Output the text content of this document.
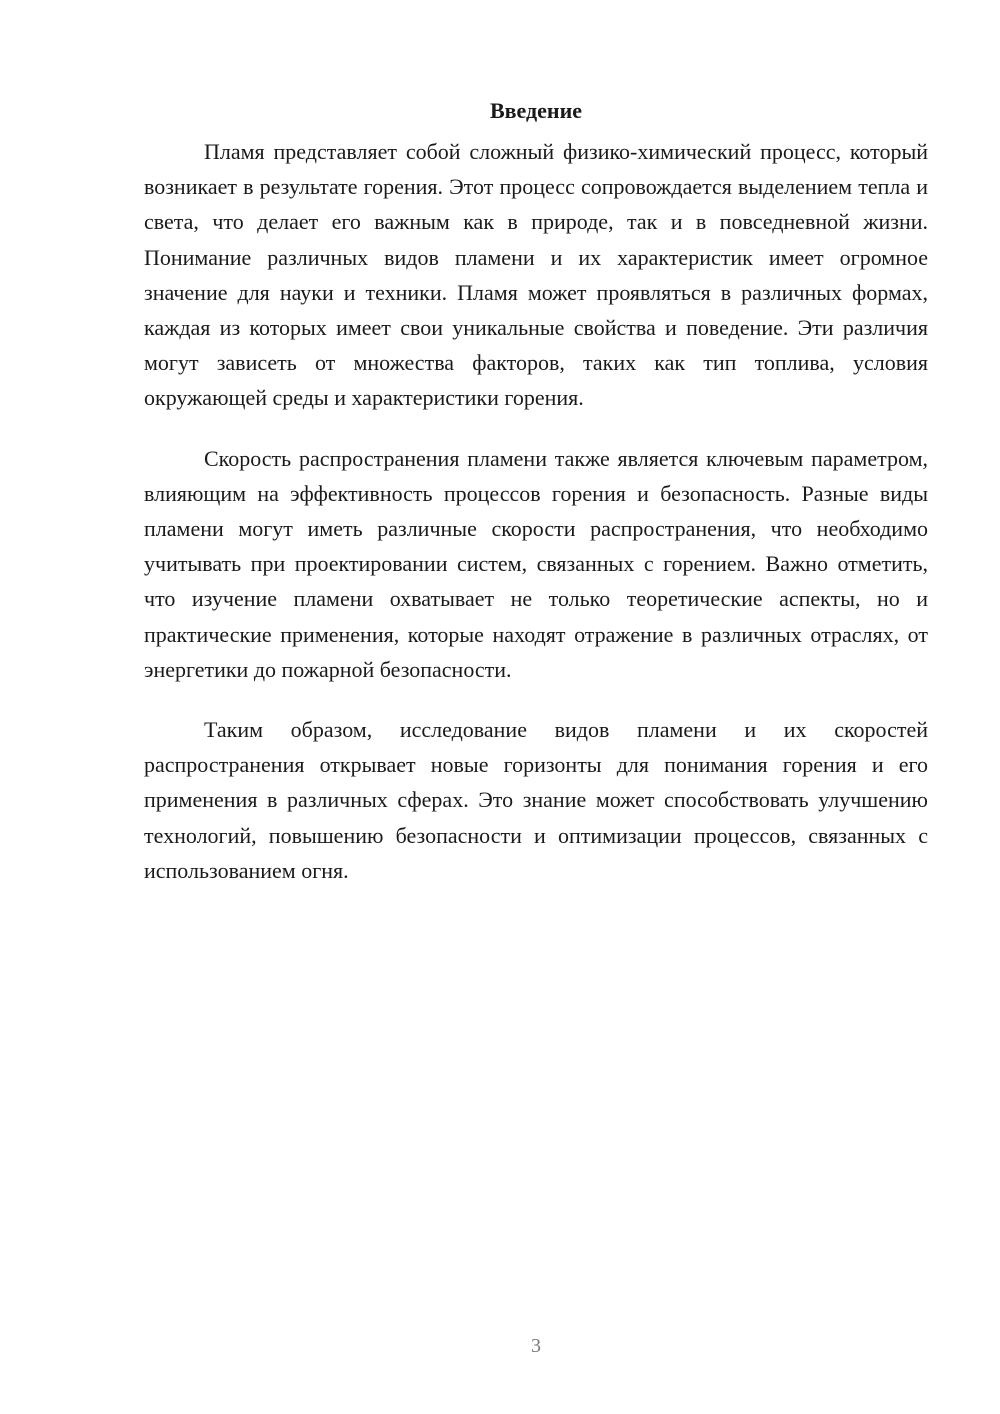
Введение

Пламя представляет собой сложный физико-химический процесс, который возникает в результате горения. Этот процесс сопровождается выделением тепла и света, что делает его важным как в природе, так и в повседневной жизни. Понимание различных видов пламени и их характеристик имеет огромное значение для науки и техники. Пламя может проявляться в различных формах, каждая из которых имеет свои уникальные свойства и поведение. Эти различия могут зависеть от множества факторов, таких как тип топлива, условия окружающей среды и характеристики горения.

Скорость распространения пламени также является ключевым параметром, влияющим на эффективность процессов горения и безопасность. Разные виды пламени могут иметь различные скорости распространения, что необходимо учитывать при проектировании систем, связанных с горением. Важно отметить, что изучение пламени охватывает не только теоретические аспекты, но и практические применения, которые находят отражение в различных отраслях, от энергетики до пожарной безопасности.

Таким образом, исследование видов пламени и их скоростей распространения открывает новые горизонты для понимания горения и его применения в различных сферах. Это знание может способствовать улучшению технологий, повышению безопасности и оптимизации процессов, связанных с использованием огня.

3
